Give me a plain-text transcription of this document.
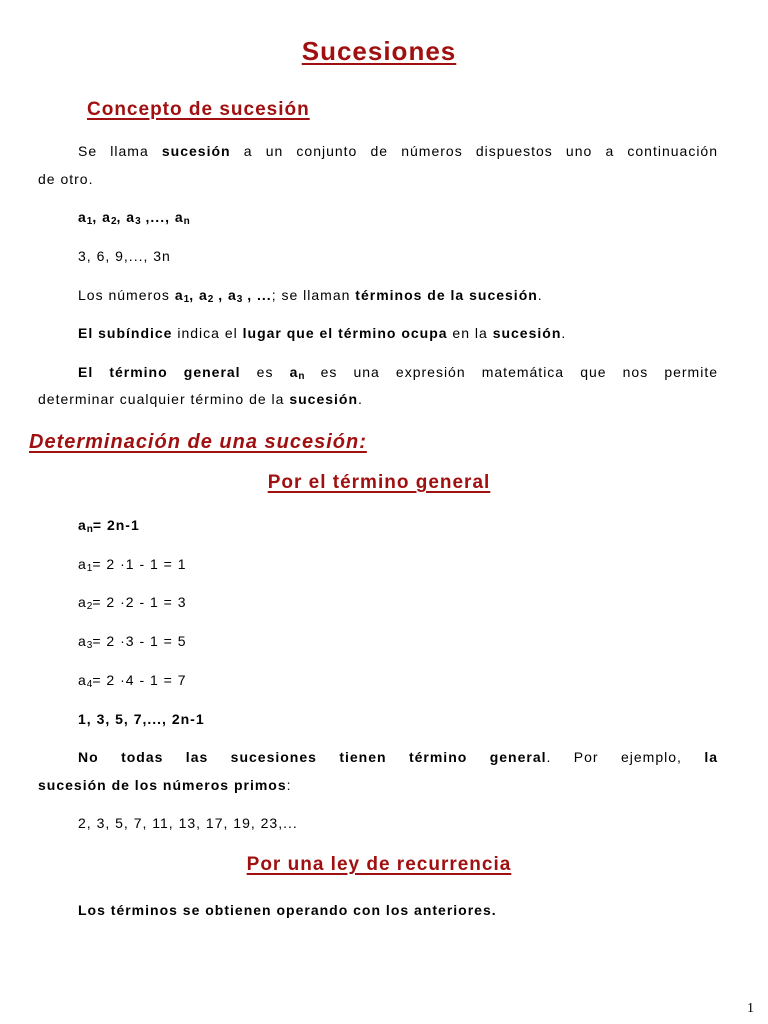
Sucesiones
Concepto de sucesión

Se llama sucesión a un conjunto de números dispuestos uno a continuación

de otro.
$a_1$, $a_2$, $a_3$ ,..., $a_n$
3, 6, 9,..., 3n
Los números $a_1$, $a_2$ , $a_3$ , ...; se llaman términos de la sucesión.
El subíndice indica el lugar que el término ocupa en la sucesión.

El término general es $a_n$ es una expresión matemática que nos permite

determinar cualquier término de la sucesión.
Determinación de una sucesión:
Por el término general
$a_n= 2n-1$
$a_1= 2 \cdot 1 - 1 = 1$
$a_2= 2 \cdot 2 - 1 = 3$
$a_3= 2 \cdot 3 - 1 = 5$
$a_4= 2 \cdot 4 - 1 = 7$
1, 3, 5, 7,..., 2n-1

No todas las sucesiones tienen término general. Por ejemplo, la

sucesión de los números primos:
2, 3, 5, 7, 11, 13, 17, 19, 23,...
Por una ley de recurrencia
Los términos se obtienen operando con los anteriores.
1
